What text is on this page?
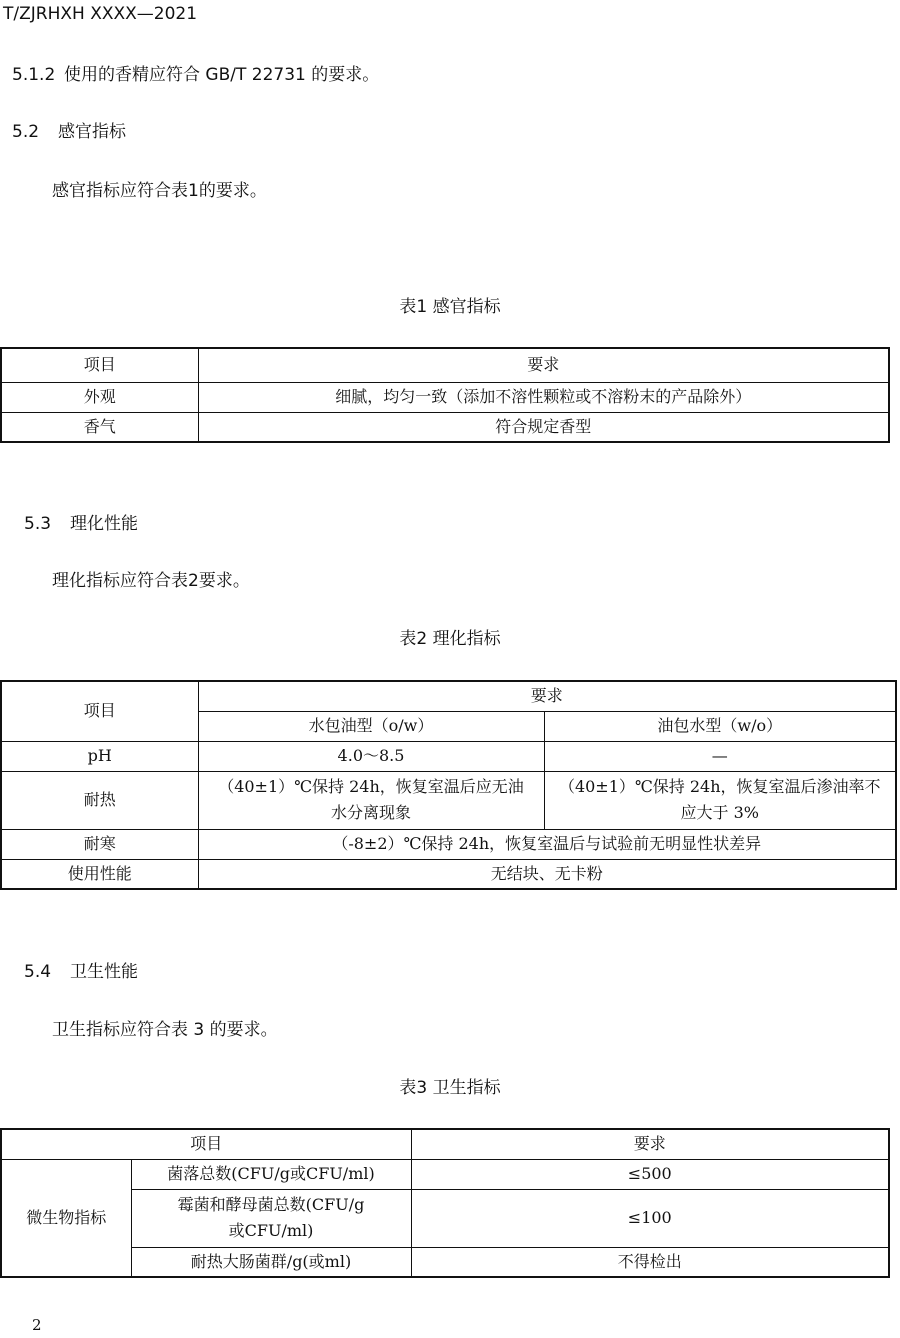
T/ZJRHXH XXXX—2021

5.1.2 使用的香精应符合 GB/T 22731 的要求。

5.2 感官指标

感官指标应符合表1的要求。

表1 感官指标

项目	要求
外观	细腻，均匀一致（添加不溶性颗粒或不溶粉末的产品除外）
香气	符合规定香型

5.3 理化性能

理化指标应符合表2要求。

表2 理化指标

项目	要求	
	水包油型（o/w）	油包水型（w/o）
pH	4.0～8.5	—
耐热	（40±1）℃保持 24h，恢复室温后应无油水分离现象	（40±1）℃保持 24h，恢复室温后渗油率不应大于 3%
耐寒	（-8±2）℃保持 24h，恢复室温后与试验前无明显性状差异	
使用性能	无结块、无卡粉	

5.4 卫生性能

卫生指标应符合表 3 的要求。

表3 卫生指标

项目		要求
微生物指标	菌落总数(CFU/g或CFU/ml)	≤500
	霉菌和酵母菌总数(CFU/g或CFU/ml)	≤100
	耐热大肠菌群/g(或ml)	不得检出
2
